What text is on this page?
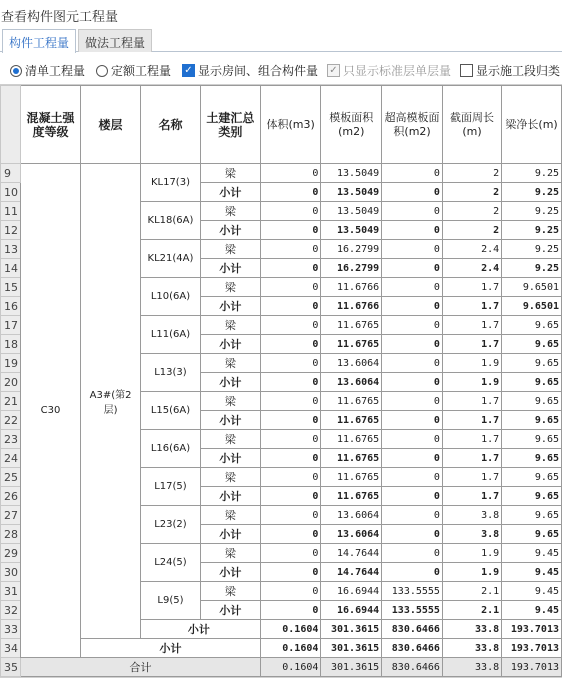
查看构件图元工程量
构件工程量	做法工程量
清单工程量 定额工程量 ✓ 显示房间、组合构件量 ✓ 只显示标准层单层量 显示施工段归类
	混凝土强度等级	楼层	名称	土建汇总类别	体积(m3)	模板面积(m2)	超高模板面积(m2)	截面周长(m)	梁净长(m)
9	C30	A3#(第2层)	KL17(3)	梁	0	13.5049	0	2	9.25
10				小计	0	13.5049	0	2	9.25
11			KL18(6A)	梁	0	13.5049	0	2	9.25
12				小计	0	13.5049	0	2	9.25
13			KL21(4A)	梁	0	16.2799	0	2.4	9.25
14				小计	0	16.2799	0	2.4	9.25
15			L10(6A)	梁	0	11.6766	0	1.7	9.6501
16				小计	0	11.6766	0	1.7	9.6501
17			L11(6A)	梁	0	11.6765	0	1.7	9.65
18				小计	0	11.6765	0	1.7	9.65
19			L13(3)	梁	0	13.6064	0	1.9	9.65
20				小计	0	13.6064	0	1.9	9.65
21			L15(6A)	梁	0	11.6765	0	1.7	9.65
22				小计	0	11.6765	0	1.7	9.65
23			L16(6A)	梁	0	11.6765	0	1.7	9.65
24				小计	0	11.6765	0	1.7	9.65
25			L17(5)	梁	0	11.6765	0	1.7	9.65
26				小计	0	11.6765	0	1.7	9.65
27			L23(2)	梁	0	13.6064	0	3.8	9.65
28				小计	0	13.6064	0	3.8	9.65
29			L24(5)	梁	0	14.7644	0	1.9	9.45
30				小计	0	14.7644	0	1.9	9.45
31			L9(5)	梁	0	16.6944	133.5555	2.1	9.45
32				小计	0	16.6944	133.5555	2.1	9.45
33			小计		0.1604	301.3615	830.6466	33.8	193.7013
34		小计			0.1604	301.3615	830.6466	33.8	193.7013
35	合计				0.1604	301.3615	830.6466	33.8	193.7013
